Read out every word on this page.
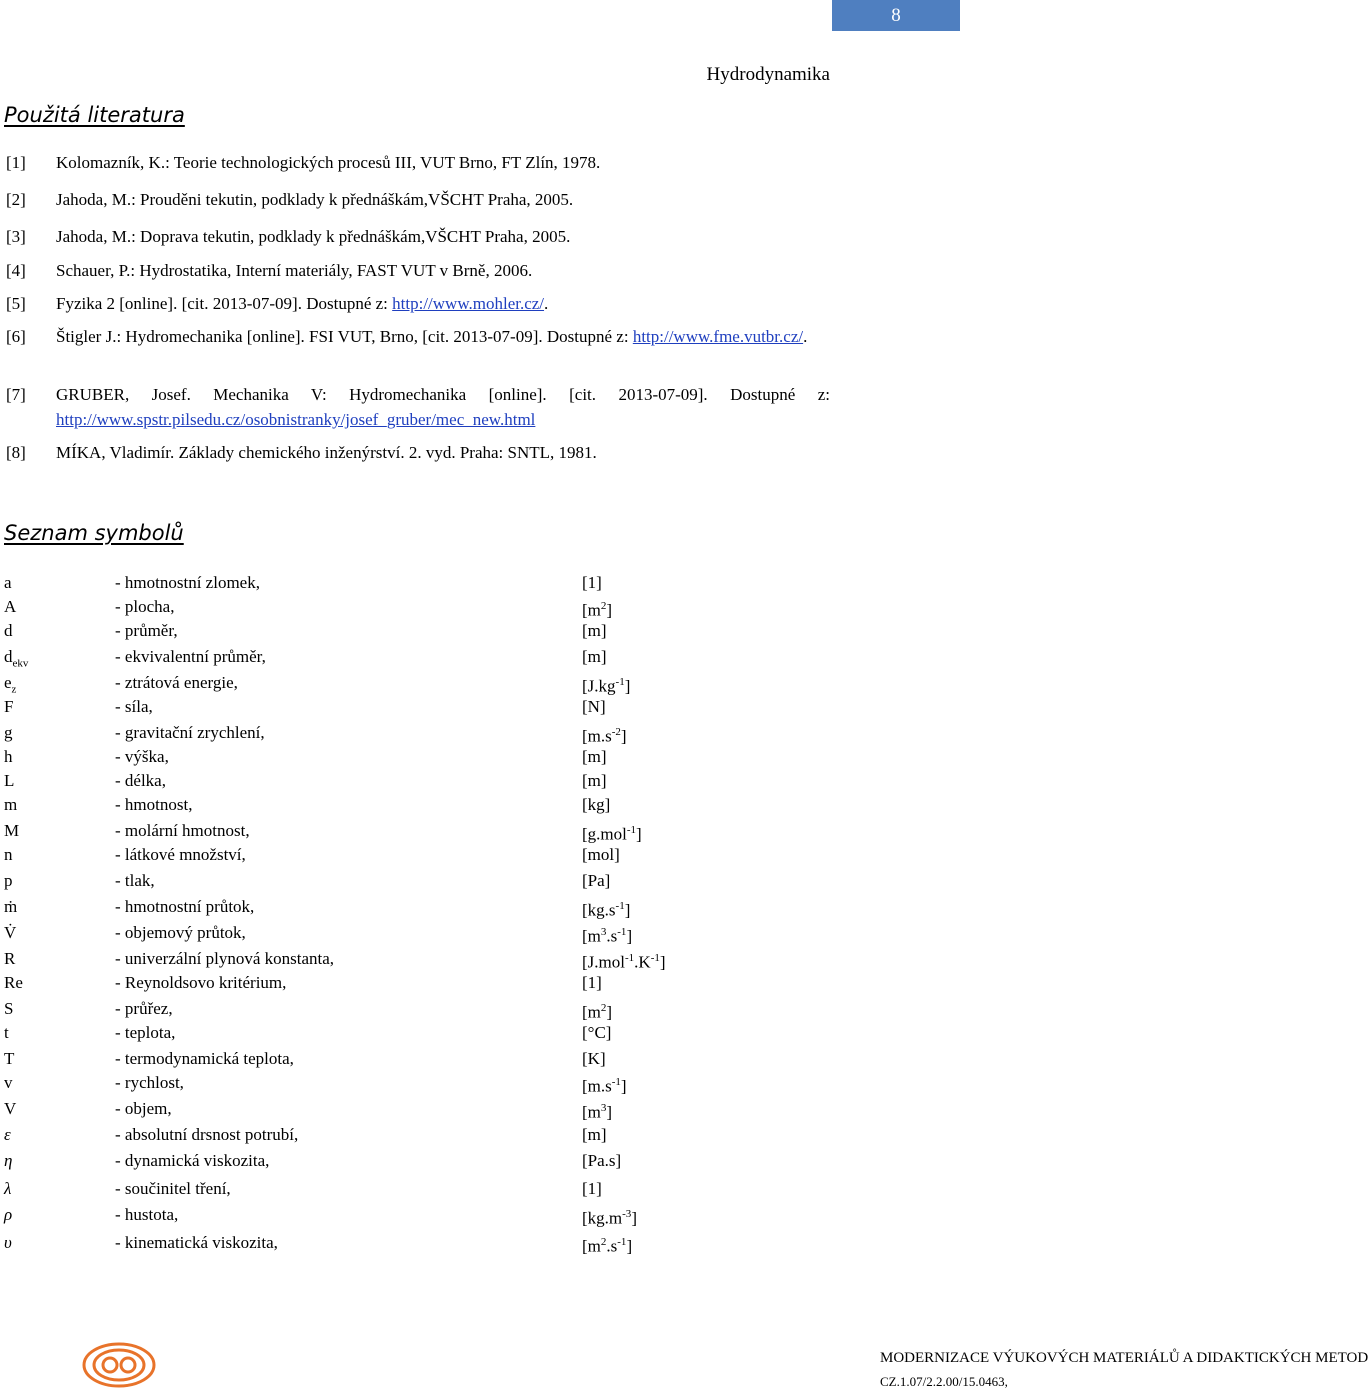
8
Hydrodynamika
Použitá literatura
[1] Kolomazník, K.: Teorie technologických procesů III, VUT Brno, FT Zlín, 1978.
[2] Jahoda, M.: Prouděni tekutin, podklady k přednáškám,VŠCHT Praha, 2005.
[3] Jahoda, M.: Doprava tekutin, podklady k přednáškám,VŠCHT Praha, 2005.
[4] Schauer, P.: Hydrostatika, Interní materiály, FAST VUT v Brně, 2006.
[5] Fyzika 2 [online]. [cit. 2013-07-09]. Dostupné z: http://www.mohler.cz/.
[6] Štigler J.: Hydromechanika [online]. FSI VUT, Brno, [cit. 2013-07-09]. Dostupné z: http://www.fme.vutbr.cz/.
[7] GRUBER, Josef. Mechanika V: Hydromechanika [online]. [cit. 2013-07-09]. Dostupné z: http://www.spstr.pilsedu.cz/osobnistranky/josef_gruber/mec_new.html
[8] MÍKA, Vladimír. Základy chemického inženýrství. 2. vyd. Praha: SNTL, 1981.
Seznam symbolů
a	- hmotnostní zlomek,	[1]
A	- plocha,	$[m^2]$
d	- průměr,	[m]
$d_{ekv}$	- ekvivalentní průměr,	[m]
$e_z$	- ztrátová energie,	$[J.kg^{-1}]$
F	- síla,	[N]
g	- gravitační zrychlení,	$[m.s^{-2}]$
h	- výška,	[m]
L	- délka,	[m]
m	- hmotnost,	[kg]
M	- molární hmotnost,	[g.mol$^{-1}$]
n	- látkové množství,	[mol]
p	- tlak,	[Pa]
ṁ	- hmotnostní průtok,	$[kg.s^{-1}]$
V̇	- objemový průtok,	$[m^3.s^{-1}]$
R	- univerzální plynová konstanta,	$[J.mol^{-1}.K^{-1}]$
Re	- Reynoldsovo kritérium,	[1]
S	- průřez,	$[m^2]$
t	- teplota,	[°C]
T	- termodynamická teplota,	[K]
v	- rychlost,	$[m.s^{-1}]$
V	- objem,	$[m^3]$
ε	- absolutní drsnost potrubí,	[m]
η	- dynamická viskozita,	[Pa.s]
λ	- součinitel tření,	[1]
ρ	- hustota,	$[kg.m^{-3}]$
υ	- kinematická viskozita,	$[m^2.s^{-1}]$
MODERNIZACE VÝUKOVÝCH MATERIÁLŮ A DIDAKTICKÝCH METOD
CZ.1.07/2.2.00/15.0463,
